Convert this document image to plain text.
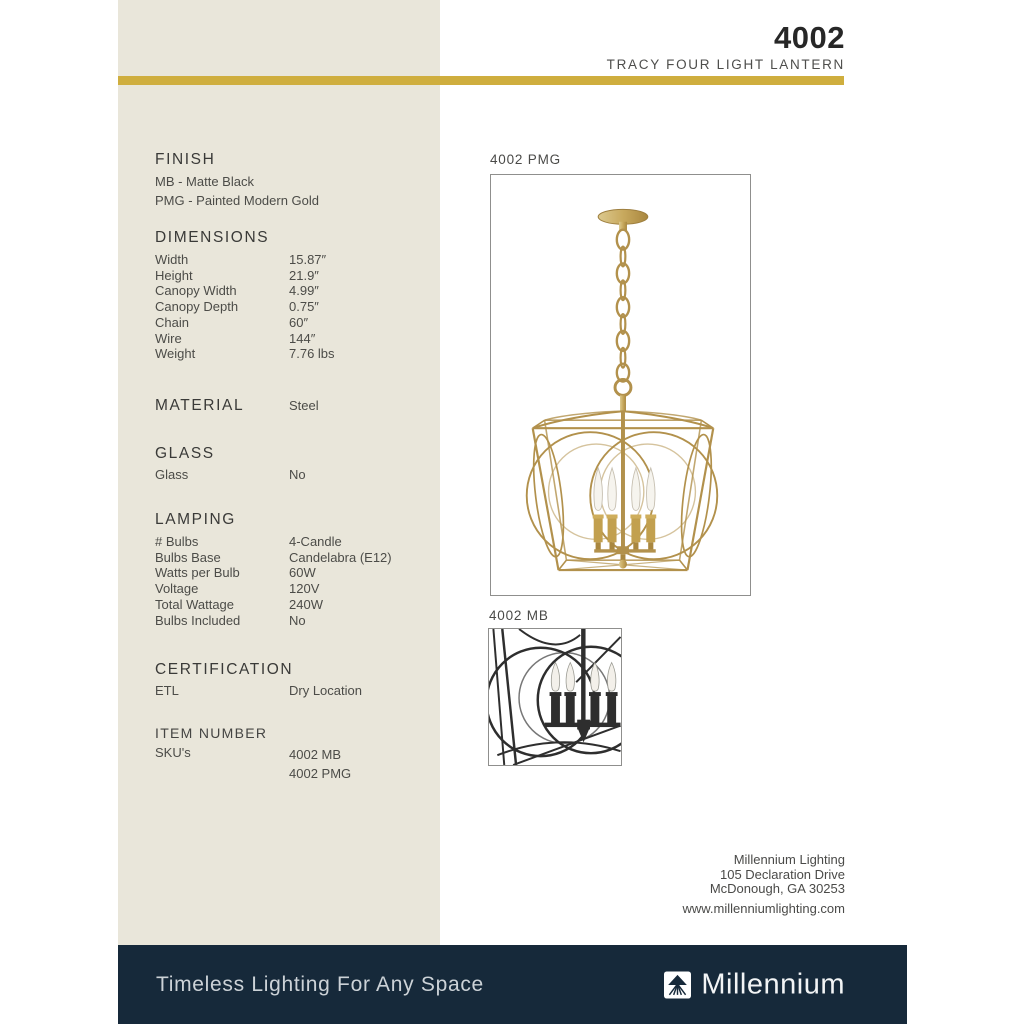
FINISH
MB - Matte Black
PMG - Painted Modern Gold
DIMENSIONS
Width	15.87″
Height	21.9″
Canopy Width	4.99″
Canopy Depth	0.75″
Chain	60″
Wire	144″
Weight	7.76 lbs
MATERIAL	Steel
GLASS
Glass	No
LAMPING
# Bulbs	4-Candle
Bulbs Base	Candelabra (E12)
Watts per Bulb	60W
Voltage	120V
Total Wattage	240W
Bulbs Included	No
CERTIFICATION
ETL	Dry Location
ITEM NUMBER
SKU's	4002 MB
4002 PMG
4002
TRACY FOUR LIGHT LANTERN
4002 PMG
4002 MB
Millennium Lighting
105 Declaration Drive
McDonough, GA 30253
www.millenniumlighting.com
Timeless Lighting For Any Space	Millennium
